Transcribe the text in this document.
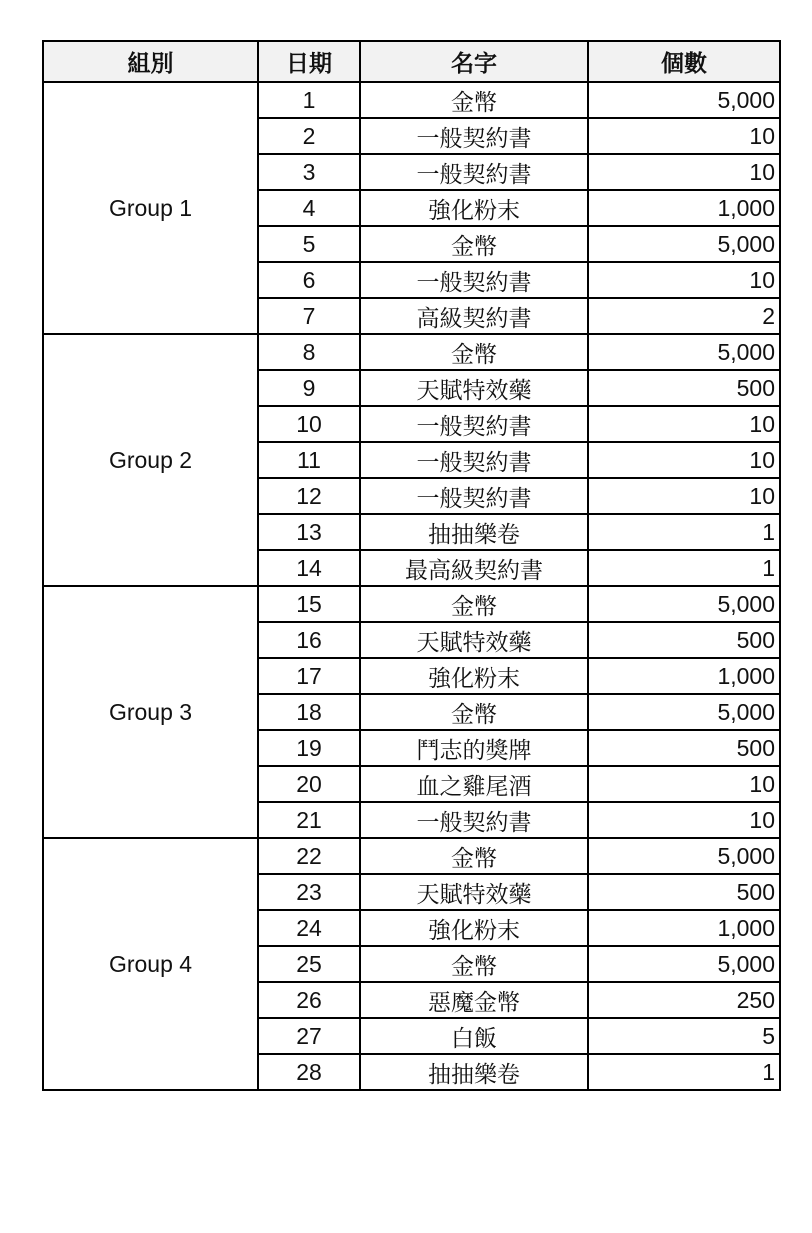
組別	日期	名字	個數
Group 1	1	金幣	5,000
	2	一般契約書	10
	3	一般契約書	10
	4	強化粉末	1,000
	5	金幣	5,000
	6	一般契約書	10
	7	高級契約書	2
Group 2	8	金幣	5,000
	9	天賦特效藥	500
	10	一般契約書	10
	11	一般契約書	10
	12	一般契約書	10
	13	抽抽樂卷	1
	14	最高級契約書	1
Group 3	15	金幣	5,000
	16	天賦特效藥	500
	17	強化粉末	1,000
	18	金幣	5,000
	19	鬥志的獎牌	500
	20	血之雞尾酒	10
	21	一般契約書	10
Group 4	22	金幣	5,000
	23	天賦特效藥	500
	24	強化粉末	1,000
	25	金幣	5,000
	26	惡魔金幣	250
	27	白飯	5
	28	抽抽樂卷	1
